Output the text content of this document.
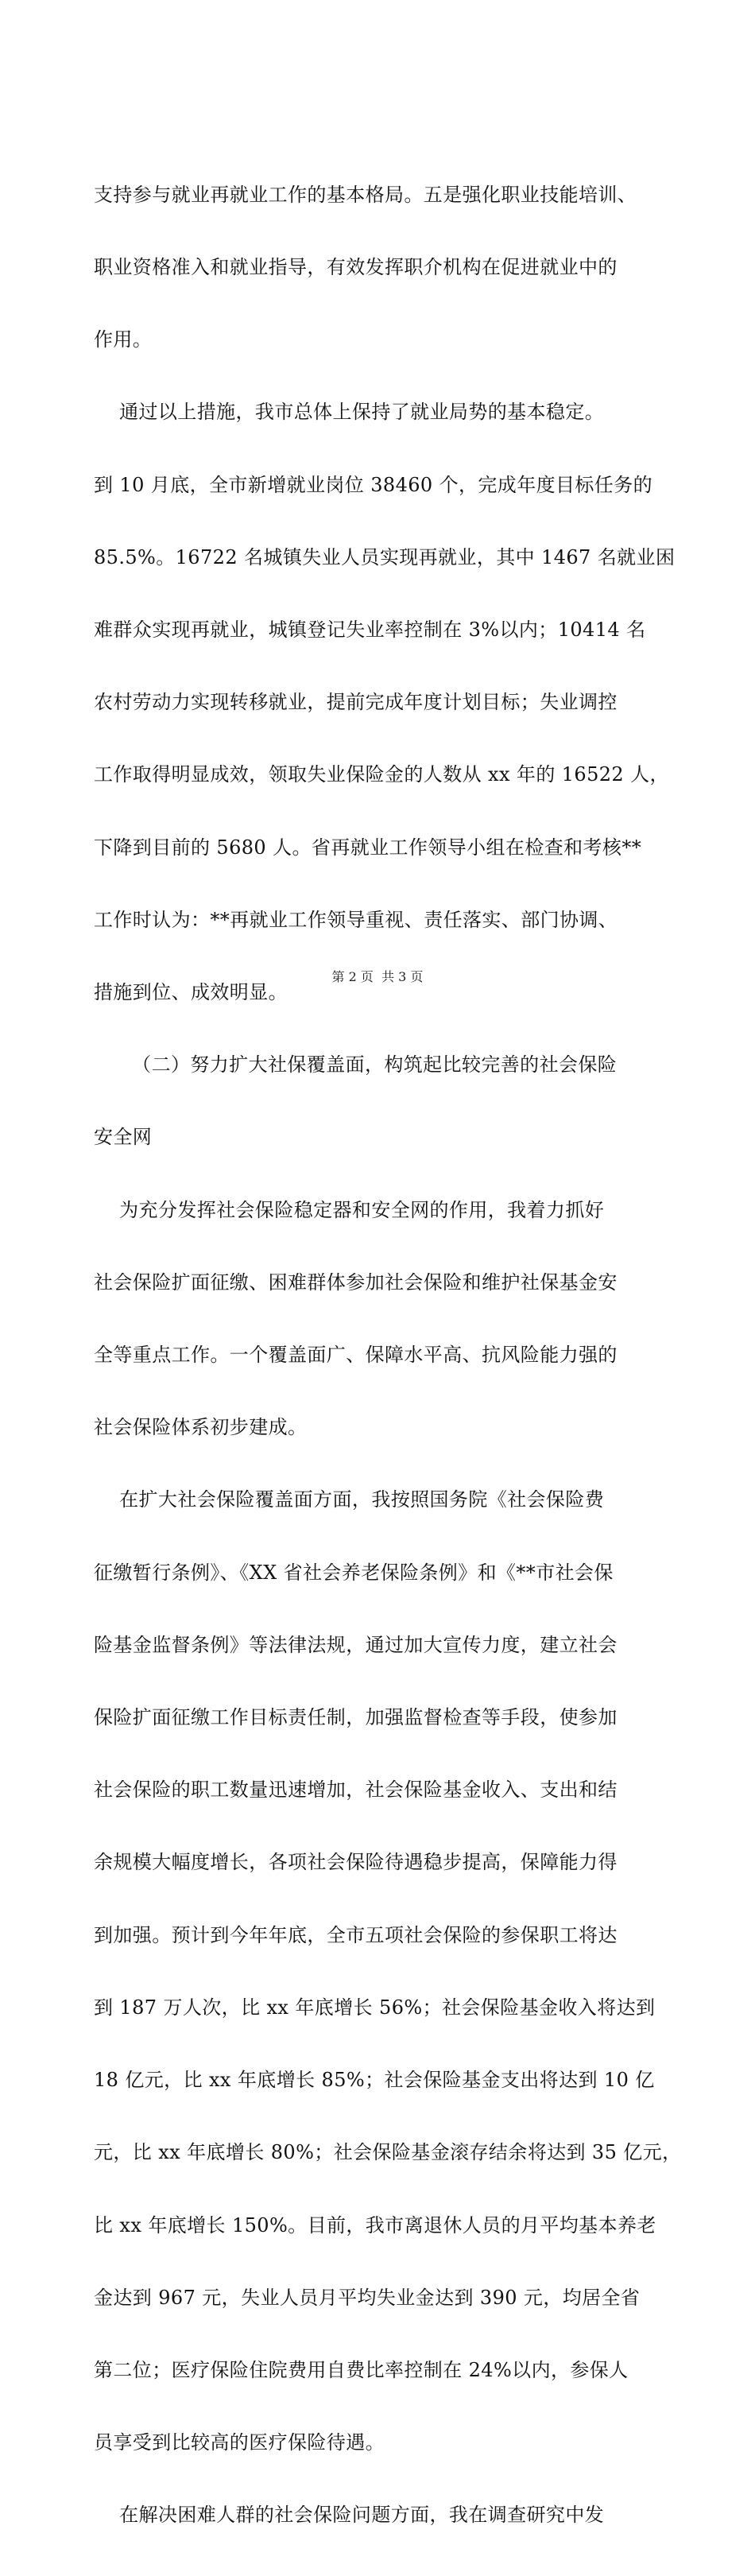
支持参与就业再就业工作的基本格局。五是强化职业技能培训、

职业资格准入和就业指导，有效发挥职介机构在促进就业中的

作用。

通过以上措施，我市总体上保持了就业局势的基本稳定。

到 10 月底，全市新增就业岗位 38460 个，完成年度目标任务的

85.5%。16722 名城镇失业人员实现再就业，其中 1467 名就业困

难群众实现再就业，城镇登记失业率控制在 3%以内；10414 名

农村劳动力实现转移就业，提前完成年度计划目标；失业调控

工作取得明显成效，领取失业保险金的人数从 xx 年的 16522 人，

下降到目前的 5680 人。省再就业工作领导小组在检查和考核**

工作时认为：**再就业工作领导重视、责任落实、部门协调、

措施到位、成效明显。

（二）努力扩大社保覆盖面，构筑起比较完善的社会保险

安全网

为充分发挥社会保险稳定器和安全网的作用，我着力抓好

社会保险扩面征缴、困难群体参加社会保险和维护社保基金安

全等重点工作。一个覆盖面广、保障水平高、抗风险能力强的

社会保险体系初步建成。

在扩大社会保险覆盖面方面，我按照国务院《社会保险费

征缴暂行条例》、《XX 省社会养老保险条例》和《**市社会保

险基金监督条例》等法律法规，通过加大宣传力度，建立社会

保险扩面征缴工作目标责任制，加强监督检查等手段，使参加

社会保险的职工数量迅速增加，社会保险基金收入、支出和结

余规模大幅度增长，各项社会保险待遇稳步提高，保障能力得

到加强。预计到今年年底，全市五项社会保险的参保职工将达

到 187 万人次，比 xx 年底增长 56%；社会保险基金收入将达到

18 亿元，比 xx 年底增长 85%；社会保险基金支出将达到 10 亿

元，比 xx 年底增长 80%；社会保险基金滚存结余将达到 35 亿元，

比 xx 年底增长 150%。目前，我市离退休人员的月平均基本养老

金达到 967 元，失业人员月平均失业金达到 390 元，均居全省

第二位；医疗保险住院费用自费比率控制在 24%以内，参保人

员享受到比较高的医疗保险待遇。

在解决困难人群的社会保险问题方面，我在调查研究中发

第 2 页  共 3 页
